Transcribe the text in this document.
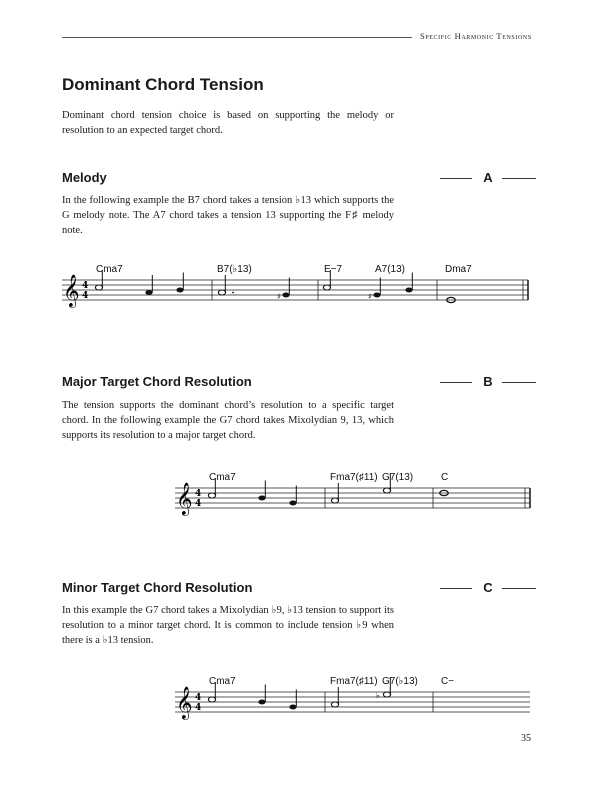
Specific Harmonic Tensions
Dominant Chord Tension
Dominant chord tension choice is based on supporting the melody or resolution to an expected target chord.
Melody	A
In the following example the B7 chord takes a tension ♭13 which supports the G melody note. The A7 chord takes a tension 13 supporting the F♯ melody note.
Cma7	B7(♭13)	E−7	A7(13)	Dma7
𝄞 4
4	♯	♯
Major Target Chord Resolution	B
The tension supports the dominant chord’s resolution to a specific target chord. In the following example the G7 chord takes Mixolydian 9, 13, which supports its resolution to a major target chord.
Cma7	Fma7(♯11) G7(13)	C
𝄞 4
4
Minor Target Chord Resolution	C
In this example the G7 chord takes a Mixolydian ♭9, ♭13 tension to support its resolution to a minor target chord. It is common to include tension ♭9 when there is a ♭13 tension.
Cma7	Fma7(♯11) G7(♭13) C−
𝄞 4
4
♭
35
